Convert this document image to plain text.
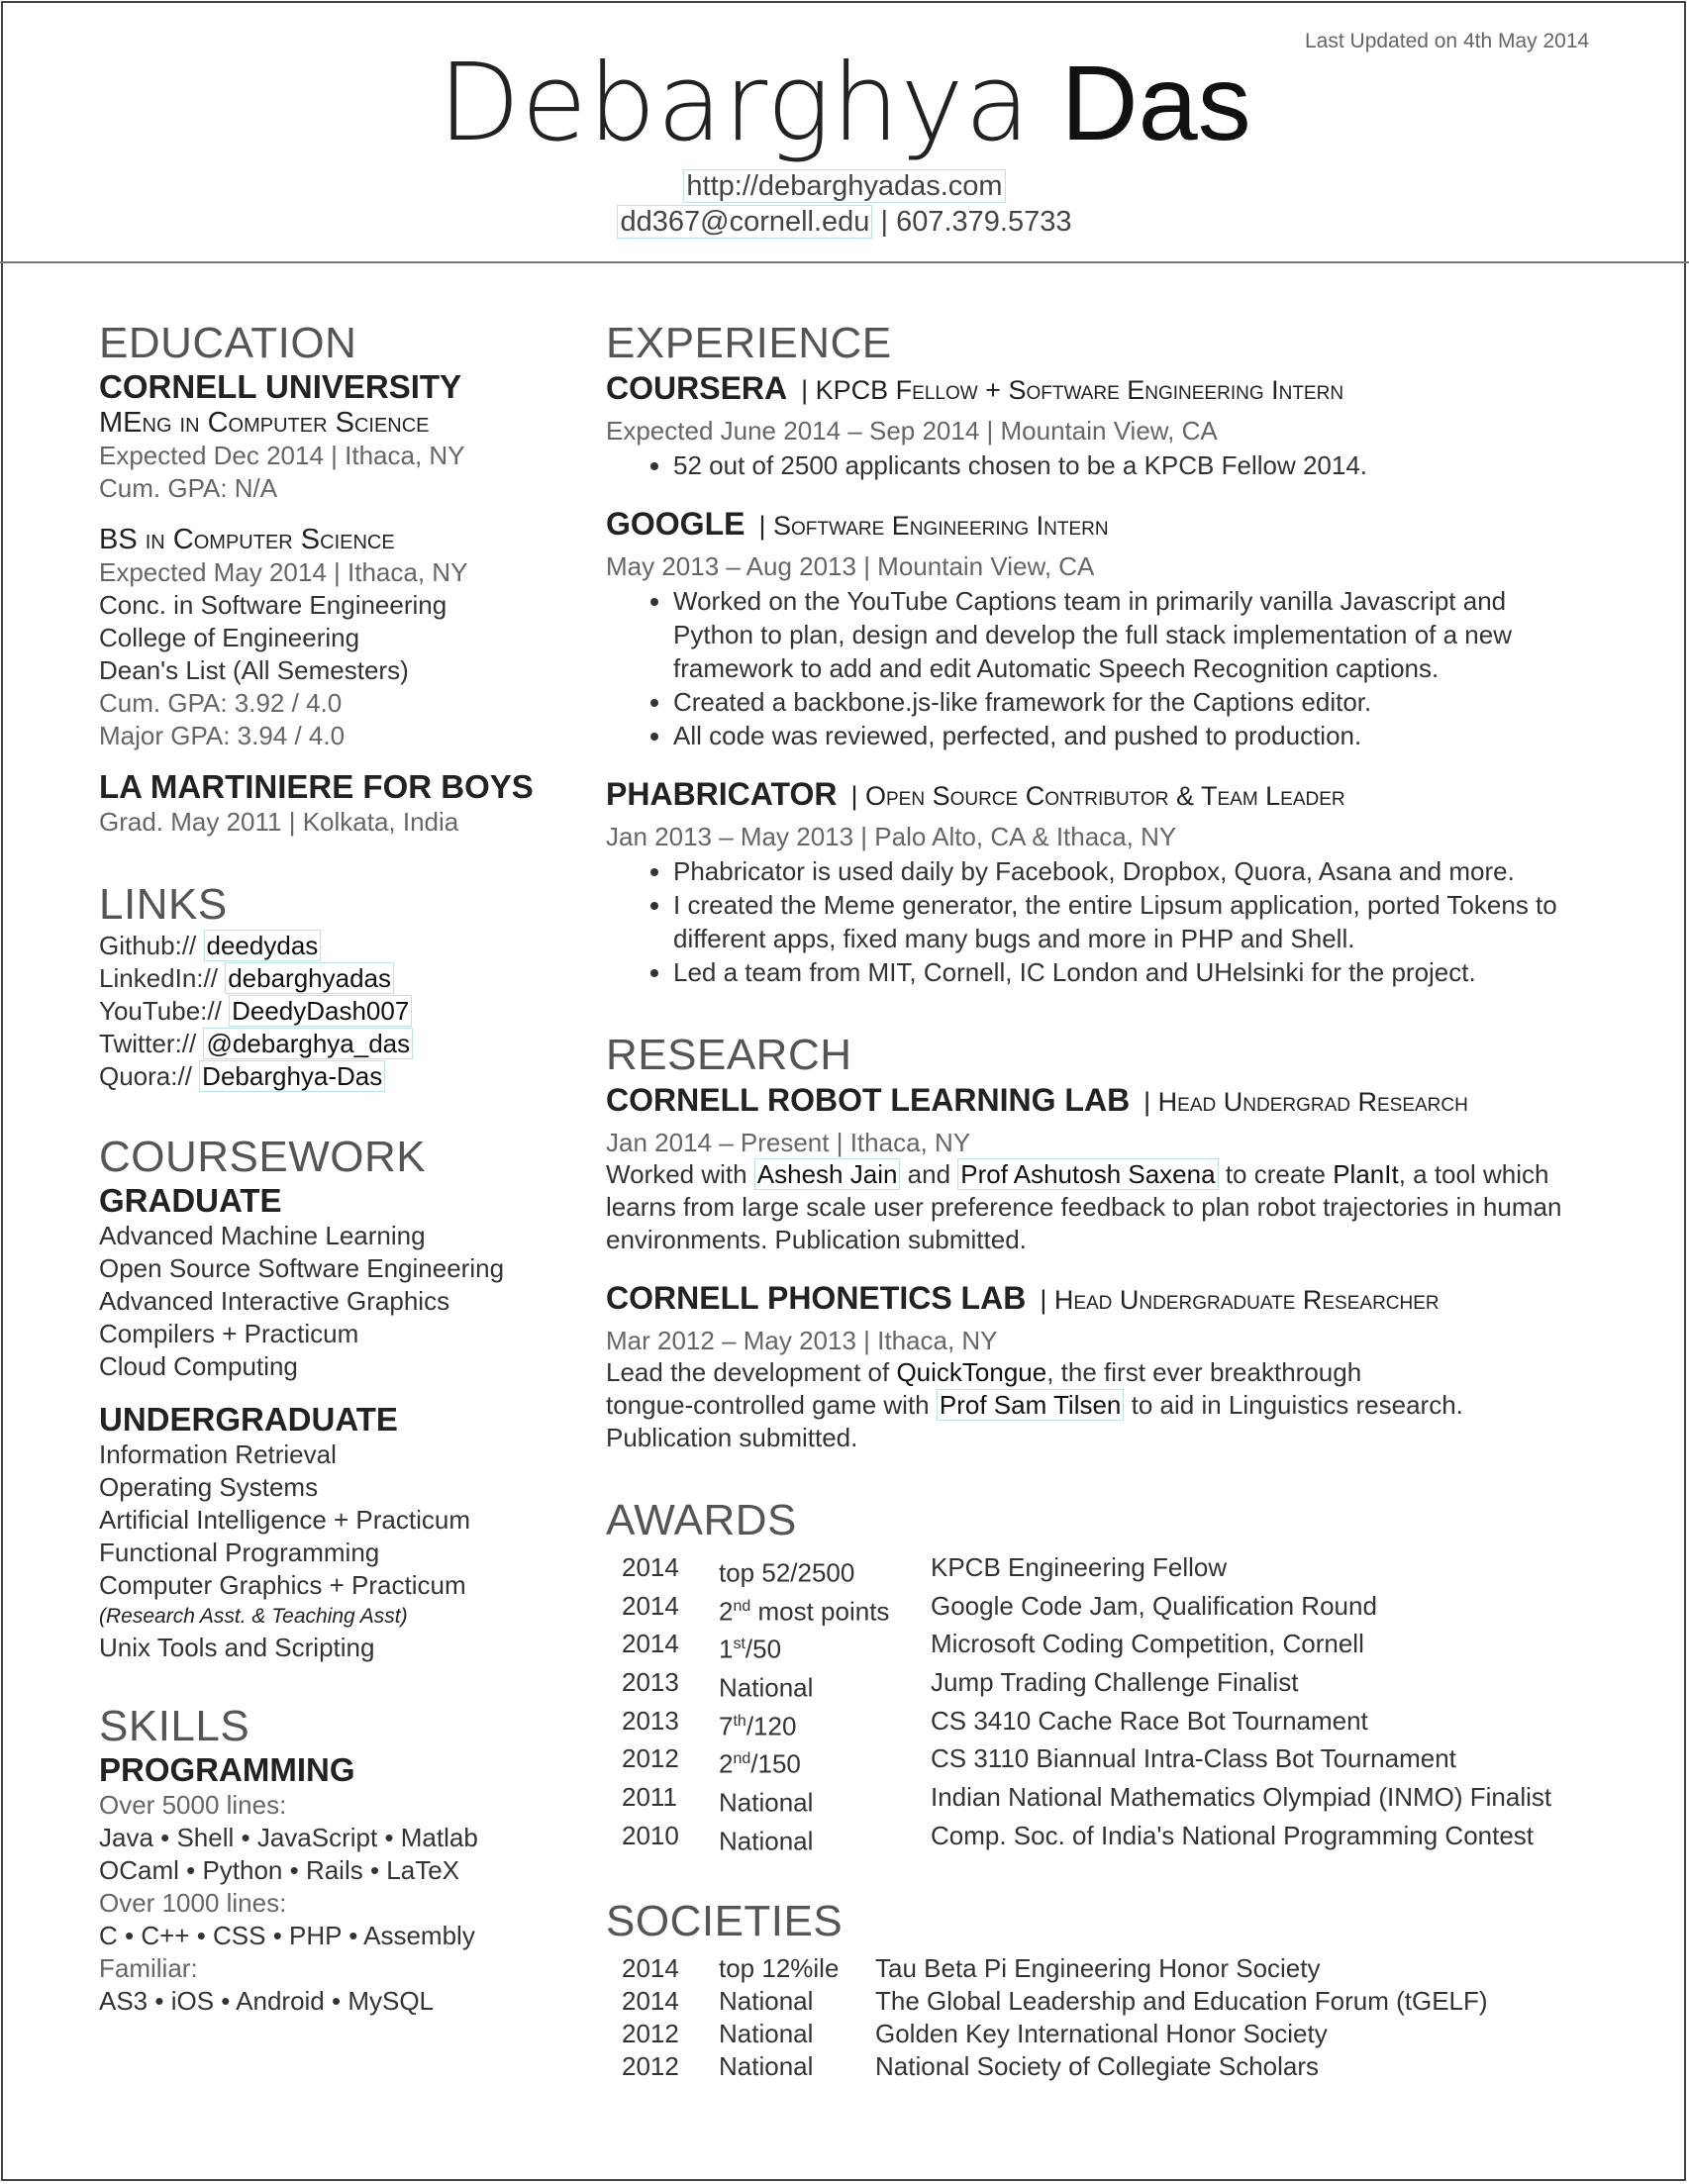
Last Updated on 4th May 2014
Debarghya Das
http://debarghyadas.com
dd367@cornell.edu | 607.379.5733
EDUCATION
CORNELL UNIVERSITY
MEng in Computer Science
Expected Dec 2014 | Ithaca, NY
Cum. GPA: N/A
BS in Computer Science
Expected May 2014 | Ithaca, NY
Conc. in Software Engineering
College of Engineering
Dean's List (All Semesters)
Cum. GPA: 3.92 / 4.0
Major GPA: 3.94 / 4.0
LA MARTINIERE FOR BOYS
Grad. May 2011 | Kolkata, India
LINKS
Github:// deedydas
LinkedIn:// debarghyadas
YouTube:// DeedyDash007
Twitter:// @debarghya_das
Quora:// Debarghya-Das
COURSEWORK
GRADUATE
Advanced Machine Learning
Open Source Software Engineering
Advanced Interactive Graphics
Compilers + Practicum
Cloud Computing
UNDERGRADUATE
Information Retrieval
Operating Systems
Artificial Intelligence + Practicum
Functional Programming
Computer Graphics + Practicum
(Research Asst. & Teaching Asst)
Unix Tools and Scripting
SKILLS
PROGRAMMING
Over 5000 lines:
Java • Shell • JavaScript • Matlab
OCaml • Python • Rails • LaTeX
Over 1000 lines:
C • C++ • CSS • PHP • Assembly
Familiar:
AS3 • iOS • Android • MySQL
EXPERIENCE
COURSERA | KPCB Fellow + Software Engineering Intern
Expected June 2014 – Sep 2014 | Mountain View, CA
• 52 out of 2500 applicants chosen to be a KPCB Fellow 2014.
GOOGLE | Software Engineering Intern
May 2013 – Aug 2013 | Mountain View, CA
• Worked on the YouTube Captions team in primarily vanilla Javascript and
Python to plan, design and develop the full stack implementation of a new
framework to add and edit Automatic Speech Recognition captions.
• Created a backbone.js-like framework for the Captions editor.
• All code was reviewed, perfected, and pushed to production.
PHABRICATOR | Open Source Contributor & Team Leader
Jan 2013 – May 2013 | Palo Alto, CA & Ithaca, NY
• Phabricator is used daily by Facebook, Dropbox, Quora, Asana and more.
• I created the Meme generator, the entire Lipsum application, ported Tokens to
different apps, fixed many bugs and more in PHP and Shell.
• Led a team from MIT, Cornell, IC London and UHelsinki for the project.
RESEARCH
CORNELL ROBOT LEARNING LAB | Head Undergrad Research
Jan 2014 – Present | Ithaca, NY
Worked with Ashesh Jain and Prof Ashutosh Saxena to create PlanIt, a tool which
learns from large scale user preference feedback to plan robot trajectories in human
environments. Publication submitted.
CORNELL PHONETICS LAB | Head Undergraduate Researcher
Mar 2012 – May 2013 | Ithaca, NY
Lead the development of QuickTongue, the first ever breakthrough
tongue-controlled game with Prof Sam Tilsen to aid in Linguistics research.
Publication submitted.
AWARDS
2014	top 52/2500	KPCB Engineering Fellow
2014	2nd most points	Google Code Jam, Qualification Round
2014	1st/50	Microsoft Coding Competition, Cornell
2013	National	Jump Trading Challenge Finalist
2013	7th/120	CS 3410 Cache Race Bot Tournament
2012	2nd/150	CS 3110 Biannual Intra-Class Bot Tournament
2011	National	Indian National Mathematics Olympiad (INMO) Finalist
2010	National	Comp. Soc. of India's National Programming Contest
SOCIETIES
2014	top 12%ile	Tau Beta Pi Engineering Honor Society
2014	National	The Global Leadership and Education Forum (tGELF)
2012	National	Golden Key International Honor Society
2012	National	National Society of Collegiate Scholars
